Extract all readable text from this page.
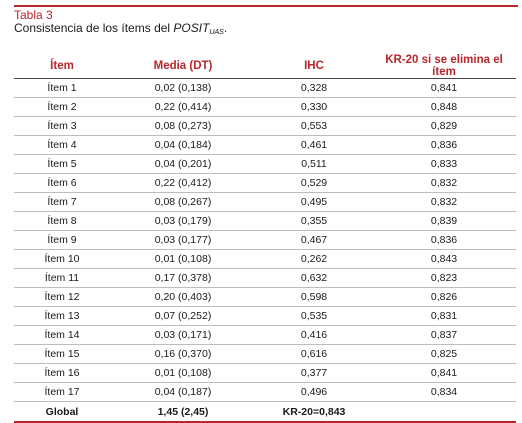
Tabla 3
Consistencia de los ítems del $POSIT_{UAS}$.
Ítem	Media (DT)	IHC	KR-20 si se elimina el ítem
Ítem 1	0,02 (0,138)	0,328	0,841
Ítem 2	0,22 (0,414)	0,330	0,848
Ítem 3	0,08 (0,273)	0,553	0,829
Ítem 4	0,04 (0,184)	0,461	0,836
Ítem 5	0,04 (0,201)	0,511	0,833
Ítem 6	0,22 (0,412)	0,529	0,832
Ítem 7	0,08 (0,267)	0,495	0,832
Ítem 8	0,03 (0,179)	0,355	0,839
Ítem 9	0,03 (0,177)	0,467	0,836
Ítem 10	0,01 (0,108)	0,262	0,843
Ítem 11	0,17 (0,378)	0,632	0,823
Ítem 12	0,20 (0,403)	0,598	0,826
Ítem 13	0,07 (0,252)	0,535	0,831
Ítem 14	0,03 (0,171)	0,416	0,837
Ítem 15	0,16 (0,370)	0,616	0,825
Ítem 16	0,01 (0,108)	0,377	0,841
Ítem 17	0,04 (0,187)	0,496	0,834
Global	1,45 (2,45)	KR-20=0,843	
